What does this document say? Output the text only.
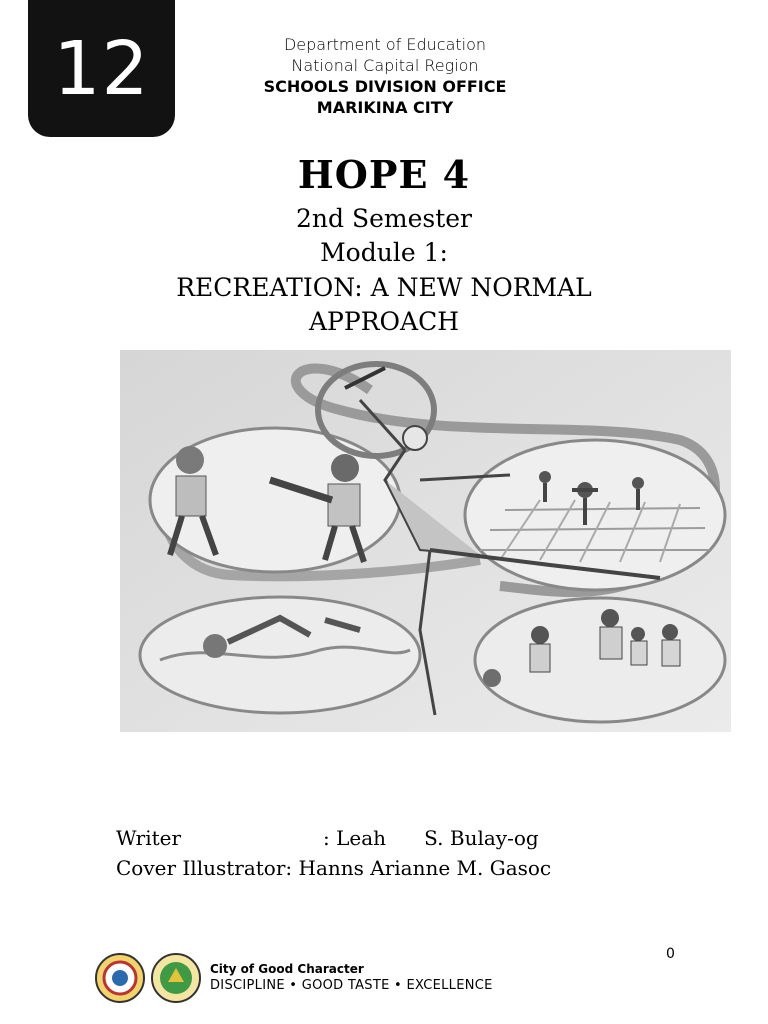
12	Department of Education
National Capital Region
SCHOOLS DIVISION OFFICE
MARIKINA CITY
HOPE 4
2nd Semester
Module 1:
RECREATION: A NEW NORMAL
APPROACH
Writer	: Leah      S. Bulay-og
Cover Illustrator: Hanns Arianne M. Gasoc
0
City of Good Character
DISCIPLINE • GOOD TASTE • EXCELLENCE
